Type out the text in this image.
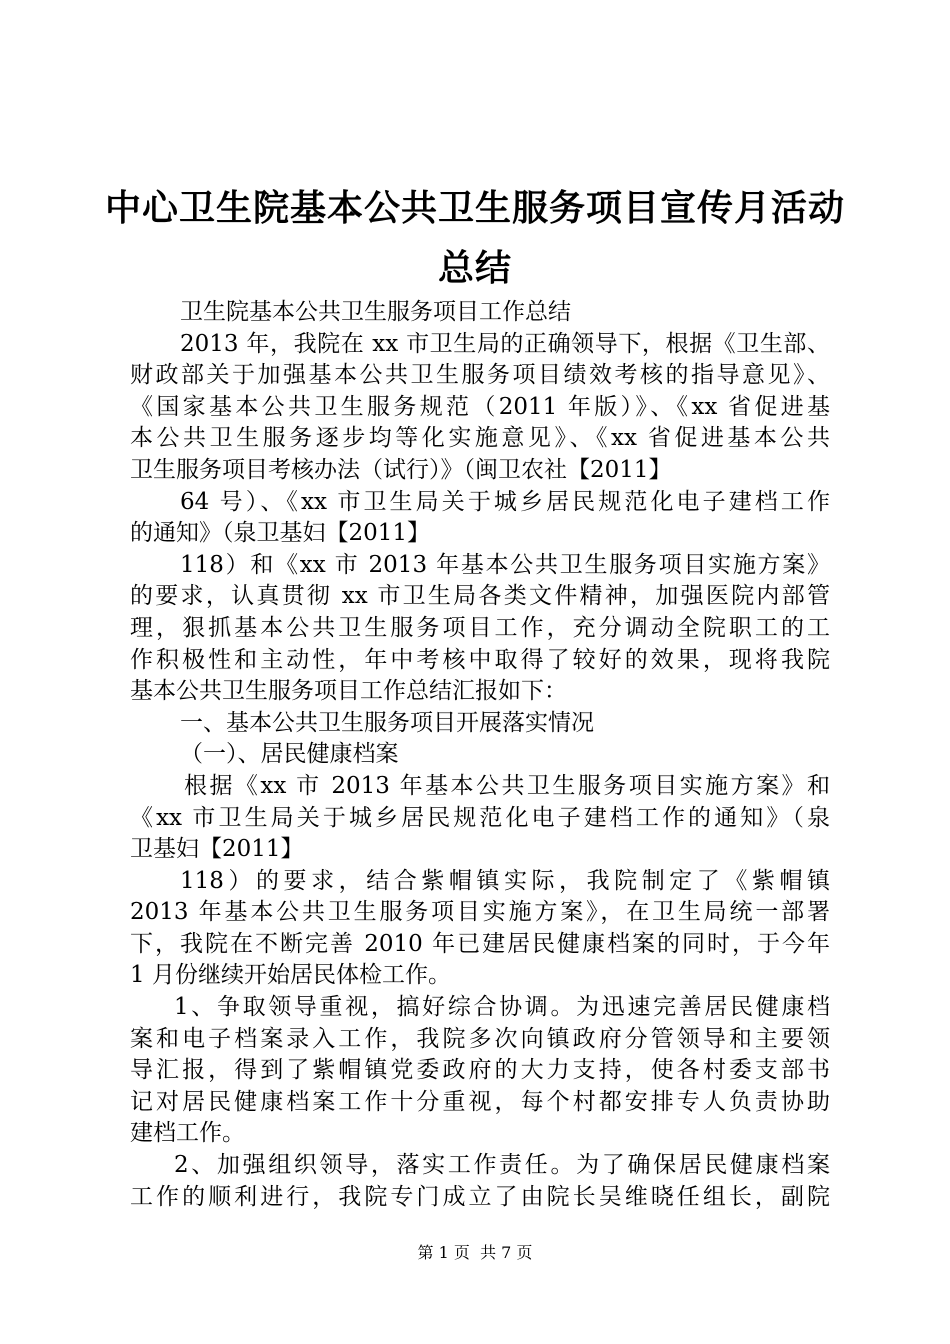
中心卫生院基本公共卫生服务项目宣传月活动
总结
卫生院基本公共卫生服务项目工作总结
2013 年，我院在 xx 市卫生局的正确领导下，根据《卫生部、
财政部关于加强基本公共卫生服务项目绩效考核的指导意见》、
《国家基本公共卫生服务规范（2011 年版）》、《xx 省促进基
本公共卫生服务逐步均等化实施意见》、《xx 省促进基本公共
卫生服务项目考核办法（试行）》（闽卫农社【2011】
64 号）、《xx 市卫生局关于城乡居民规范化电子建档工作
的通知》（泉卫基妇【2011】
118）和《xx 市 2013 年基本公共卫生服务项目实施方案》
的要求，认真贯彻 xx 市卫生局各类文件精神，加强医院内部管
理，狠抓基本公共卫生服务项目工作，充分调动全院职工的工
作积极性和主动性，年中考核中取得了较好的效果，现将我院
基本公共卫生服务项目工作总结汇报如下：
一、基本公共卫生服务项目开展落实情况
（一）、居民健康档案
根据《xx 市 2013 年基本公共卫生服务项目实施方案》和
《xx 市卫生局关于城乡居民规范化电子建档工作的通知》（泉
卫基妇【2011】
118）的要求，结合紫帽镇实际，我院制定了《紫帽镇
2013 年基本公共卫生服务项目实施方案》，在卫生局统一部署
下，我院在不断完善 2010 年已建居民健康档案的同时，于今年
1 月份继续开始居民体检工作。
1、争取领导重视，搞好综合协调。为迅速完善居民健康档
案和电子档案录入工作，我院多次向镇政府分管领导和主要领
导汇报，得到了紫帽镇党委政府的大力支持，使各村委支部书
记对居民健康档案工作十分重视，每个村都安排专人负责协助
建档工作。
2、加强组织领导，落实工作责任。为了确保居民健康档案
工作的顺利进行，我院专门成立了由院长吴维晓任组长，副院
第 1 页  共 7 页
